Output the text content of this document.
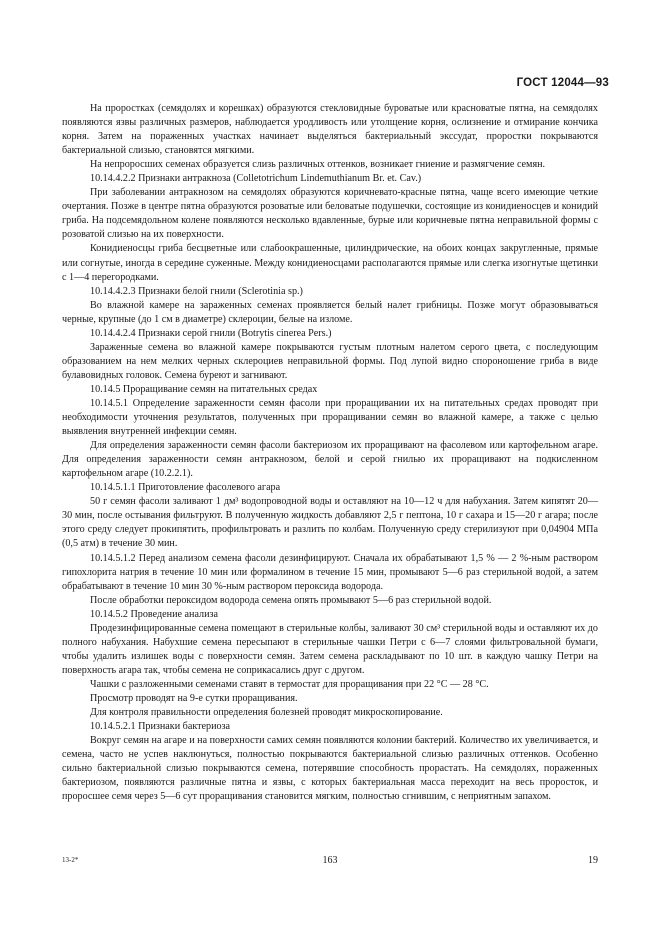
ГОСТ 12044—93

На проростках (семядолях и корешках) образуются стекловидные буроватые или красноватые пятна, на семядолях появляются язвы различных размеров, наблюдается уродливость или утолщение корня, ослизнение и отмирание кончика корня. Затем на пораженных участках начинает выделяться бактериальный экссудат, проростки покрываются бактериальной слизью, становятся мягкими.

На непроросших семенах образуется слизь различных оттенков, возникает гниение и размягчение семян.

10.14.4.2.2 Признаки антракноза (Colletotrichum Lindemuthianum Br. et. Cav.)

При заболевании антракнозом на семядолях образуются коричневато-красные пятна, чаще всего имеющие четкие очертания. Позже в центре пятна образуются розоватые или беловатые подушечки, состоящие из конидиеносцев и конидий гриба. На подсемядольном колене появляются несколько вдавленные, бурые или коричневые пятна неправильной формы с розоватой слизью на их поверхности.

Конидиеносцы гриба бесцветные или слабоокрашенные, цилиндрические, на обоих концах закругленные, прямые или согнутые, иногда в середине суженные. Между конидиеносцами располагаются прямые или слегка изогнутые щетинки с 1—4 перегородками.

10.14.4.2.3 Признаки белой гнили (Sclerotinia sp.)

Во влажной камере на зараженных семенах проявляется белый налет грибницы. Позже могут образовываться черные, крупные (до 1 см в диаметре) склероции, белые на изломе.

10.14.4.2.4 Признаки серой гнили (Botrytis cinerea Pers.)

Зараженные семена во влажной камере покрываются густым плотным налетом серого цвета, с последующим образованием на нем мелких черных склероциев неправильной формы. Под лупой видно спороношение гриба в виде булавовидных головок. Семена буреют и загнивают.

10.14.5 Проращивание семян на питательных средах

10.14.5.1 Определение зараженности семян фасоли при проращивании их на питательных средах проводят при необходимости уточнения результатов, полученных при проращивании семян во влажной камере, а также с целью выявления внутренней инфекции семян.

Для определения зараженности семян фасоли бактериозом их проращивают на фасолевом или картофельном агаре. Для определения зараженности семян антракнозом, белой и серой гнилью их проращивают на подкисленном картофельном агаре (10.2.2.1).

10.14.5.1.1 Приготовление фасолевого агара

50 г семян фасоли заливают 1 дм³ водопроводной воды и оставляют на 10—12 ч для набухания. Затем кипятят 20—30 мин, после остывания фильтруют. В полученную жидкость добавляют 2,5 г пептона, 10 г сахара и 15—20 г агара; после этого среду следует прокипятить, профильтровать и разлить по колбам. Полученную среду стерилизуют при 0,04904 МПа (0,5 атм) в течение 30 мин.

10.14.5.1.2 Перед анализом семена фасоли дезинфицируют. Сначала их обрабатывают 1,5 % — 2 %-ным раствором гипохлорита натрия в течение 10 мин или формалином в течение 15 мин, промывают 5—6 раз стерильной водой, а затем обрабатывают в течение 10 мин 30 %-ным раствором пероксида водорода.

После обработки пероксидом водорода семена опять промывают 5—6 раз стерильной водой.

10.14.5.2 Проведение анализа

Продезинфицированные семена помещают в стерильные колбы, заливают 30 см³ стерильной воды и оставляют их до полного набухания. Набухшие семена пересыпают в стерильные чашки Петри с 6—7 слоями фильтровальной бумаги, чтобы удалить излишек воды с поверхности семян. Затем семена раскладывают по 10 шт. в каждую чашку Петри на поверхность агара так, чтобы семена не соприкасались друг с другом.

Чашки с разложенными семенами ставят в термостат для проращивания при 22 °С — 28 °С.

Просмотр проводят на 9-е сутки проращивания.

Для контроля правильности определения болезней проводят микроскопирование.

10.14.5.2.1 Признаки бактериоза

Вокруг семян на агаре и на поверхности самих семян появляются колонии бактерий. Количество их увеличивается, и семена, часто не успев наклюнуться, полностью покрываются бактериальной слизью различных оттенков. Особенно сильно бактериальной слизью покрываются семена, потерявшие способность прорастать. На семядолях, пораженных бактериозом, появляются различные пятна и язвы, с которых бактериальная масса переходит на весь проросток, и проросшее семя через 5—6 сут проращивания становится мягким, полностью сгнившим, с неприятным запахом.

13-2*	163	19
